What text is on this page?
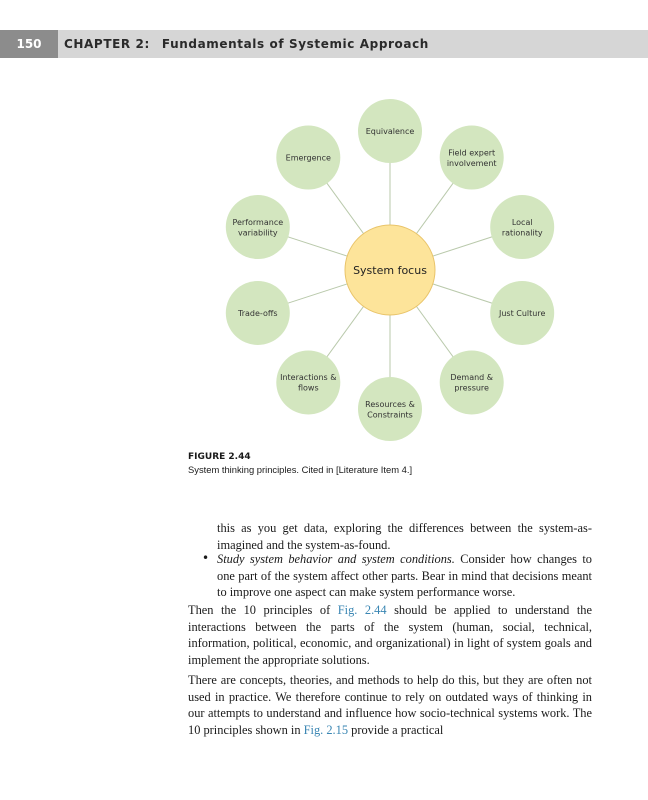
150	CHAPTER 2: Fundamentals of Systemic Approach
Equivalence
Field expert involvement
Local rationality
Just Culture
Demand & pressure
Resources & Constraints
Interactions & flows
Trade-offs
Performance variability
Emergence
System focus
FIGURE 2.44
System thinking principles. Cited in [Literature Item 4.]
this as you get data, exploring the differences between the system-as-imagined and the system-as-found.
• Study system behavior and system conditions. Consider how changes to one part of the system affect other parts. Bear in mind that decisions meant to improve one aspect can make system performance worse.
Then the 10 principles of Fig. 2.44 should be applied to understand the interactions between the parts of the system (human, social, technical, information, political, economic, and organizational) in light of system goals and implement the appropriate solutions.
There are concepts, theories, and methods to help do this, but they are often not used in practice. We therefore continue to rely on outdated ways of thinking in our attempts to understand and influence how socio-technical systems work. The 10 principles shown in Fig. 2.15 provide a practical
